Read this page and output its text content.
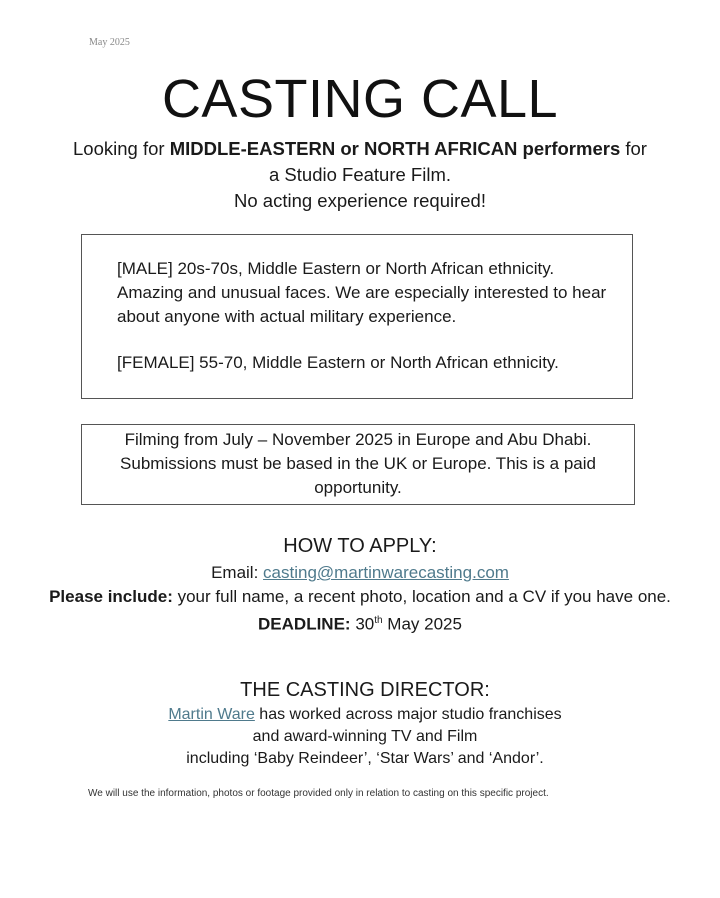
May 2025
CASTING CALL
Looking for MIDDLE-EASTERN or NORTH AFRICAN performers for
a Studio Feature Film.
No acting experience required!

[MALE] 20s-70s, Middle Eastern or North African ethnicity. Amazing and unusual faces. We are especially interested to hear about anyone with actual military experience.

[FEMALE] 55-70, Middle Eastern or North African ethnicity.

Filming from July – November 2025 in Europe and Abu Dhabi. Submissions must be based in the UK or Europe. This is a paid opportunity.
HOW TO APPLY:
Email: casting@martinwarecasting.com
Please include: your full name, a recent photo, location and a CV if you have one.
DEADLINE: 30th May 2025
THE CASTING DIRECTOR:
Martin Ware has worked across major studio franchises
and award-winning TV and Film
including ‘Baby Reindeer’, ‘Star Wars’ and ‘Andor’.
We will use the information, photos or footage provided only in relation to casting on this specific project.
